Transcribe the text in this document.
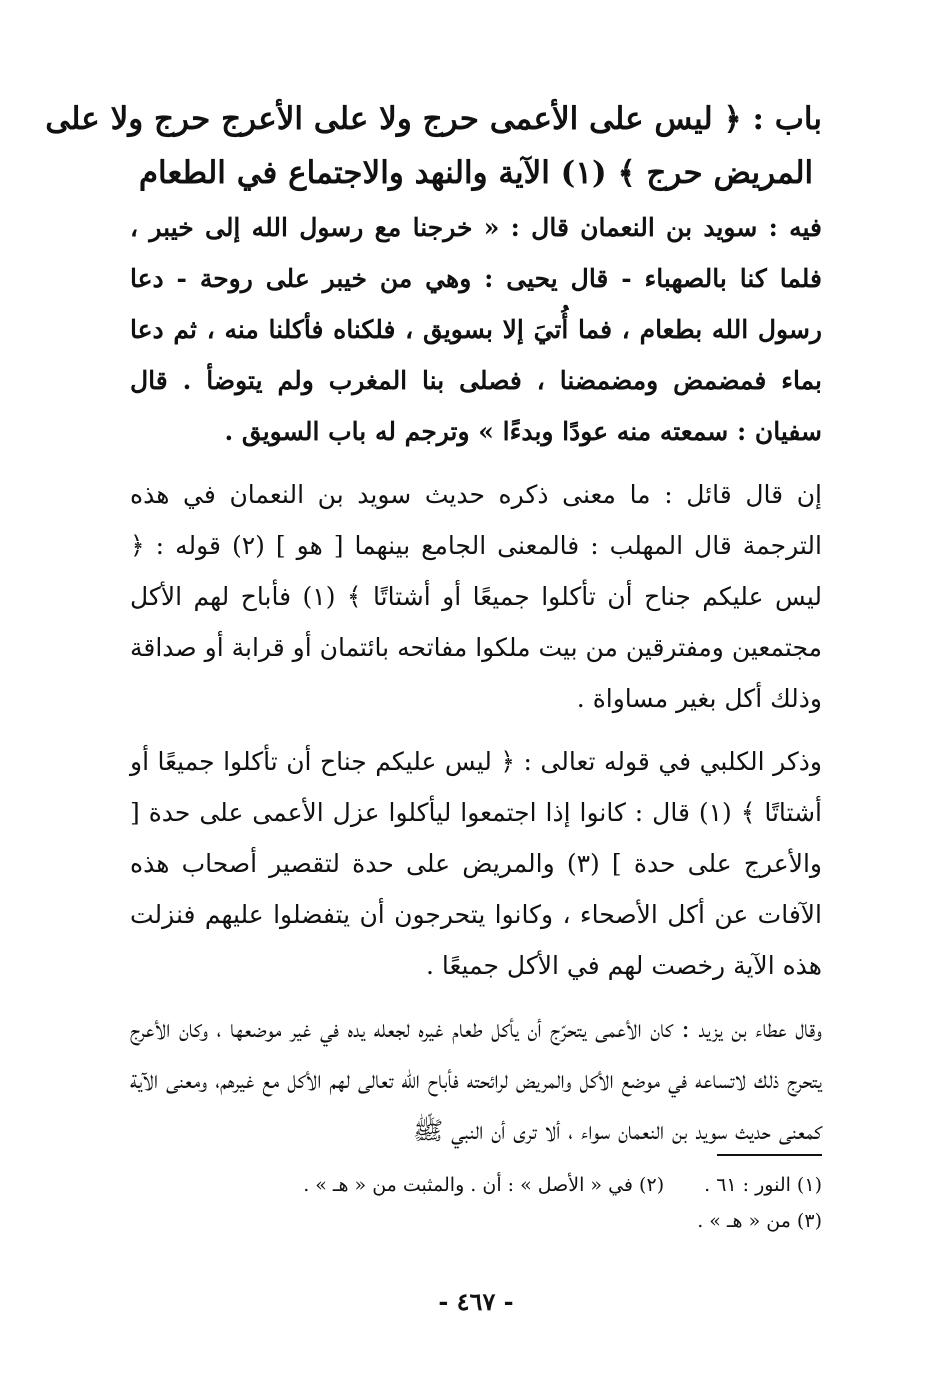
باب : ﴿ ليس على الأعمى حرج ولا على الأعرج حرج ولا على
المريض حرج ﴾ (١) الآية والنهد والاجتماع في الطعام

فيه : سويد بن النعمان قال : « خرجنا مع رسول الله إلى خيبر ، فلما كنا بالصهباء - قال يحيى : وهي من خيبر على روحة - دعا رسول الله بطعام ، فما أُتيَ إلا بسويق ، فلكناه فأكلنا منه ، ثم دعا بماء فمضمض ومضمضنا ، فصلى بنا المغرب ولم يتوضأ . قال سفيان : سمعته منه عودًا وبدءًا » وترجم له باب السويق .

إن قال قائل : ما معنى ذكره حديث سويد بن النعمان في هذه الترجمة قال المهلب : فالمعنى الجامع بينهما [ هو ] (٢) قوله : ﴿ ليس عليكم جناح أن تأكلوا جميعًا أو أشتاتًا ﴾ (١) فأباح لهم الأكل مجتمعين ومفترقين من بيت ملكوا مفاتحه بائتمان أو قرابة أو صداقة وذلك أكل بغير مساواة .

وذكر الكلبي في قوله تعالى : ﴿ ليس عليكم جناح أن تأكلوا جميعًا أو أشتاتًا ﴾ (١) قال : كانوا إذا اجتمعوا ليأكلوا عزل الأعمى على حدة [ والأعرج على حدة ] (٣) والمريض على حدة لتقصير أصحاب هذه الآفات عن أكل الأصحاء ، وكانوا يتحرجون أن يتفضلوا عليهم فنزلت هذه الآية رخصت لهم في الأكل جميعًا .

وقال عطاء بن يزيد : كان الأعمى يتحرّج أن يأكل طعام غيره لجعله يده في غير موضعها ، وكان الأعرج يتحرج ذلك لاتساعه في موضع الأكل والمريض لرائحته فأباح الله تعالى لهم الأكل مع غيرهم، ومعنى الآية كمعنى حديث سويد بن النعمان سواء ، ألا ترى أن النبي ﷺ

(١) النور : ٦١ .
(٢) في « الأصل » : أن . والمثبت من « هـ » .
(٣) من « هـ » .
- ٤٦٧ -
